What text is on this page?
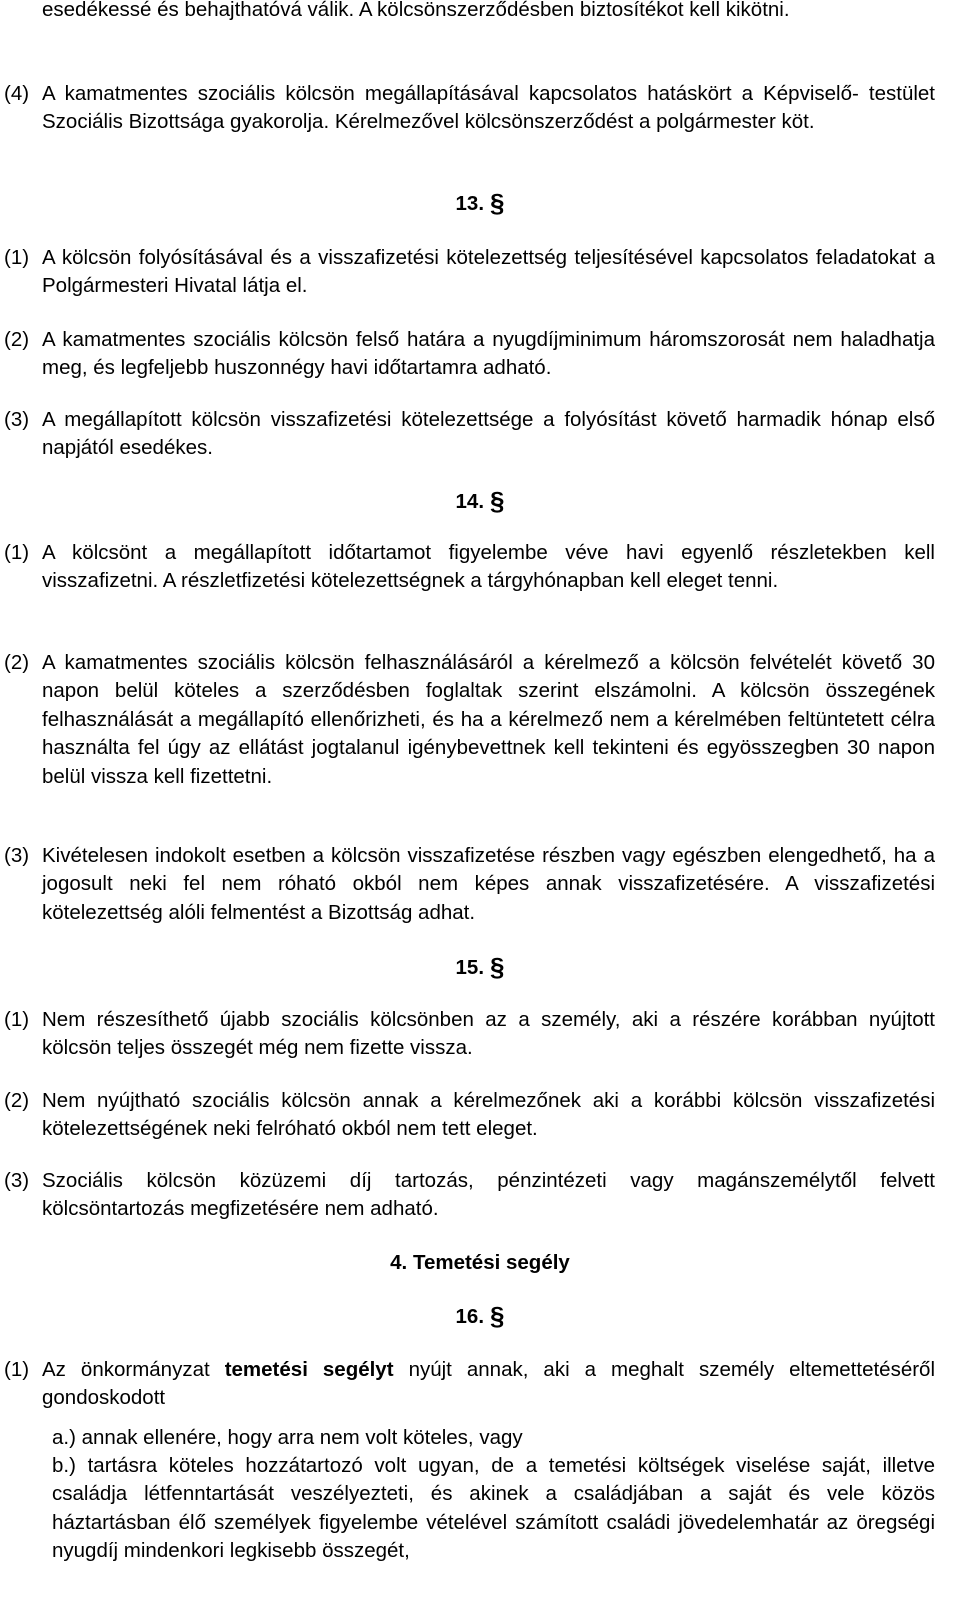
esedékessé és behajthatóvá válik. A kölcsönszerződésben biztosítékot kell kikötni.

(4) A kamatmentes szociális kölcsön megállapításával kapcsolatos hatáskört a Képviselő- testület Szociális Bizottsága gyakorolja. Kérelmezővel kölcsönszerződést a polgármester köt.

13. §

(1) A kölcsön folyósításával és a visszafizetési kötelezettség teljesítésével kapcsolatos feladatokat a Polgármesteri Hivatal látja el.

(2) A kamatmentes szociális kölcsön felső határa a nyugdíjminimum háromszorosát nem haladhatja meg, és legfeljebb huszonnégy havi időtartamra adható.

(3) A megállapított kölcsön visszafizetési kötelezettsége a folyósítást követő harmadik hónap első napjától esedékes.

14. §

(1) A kölcsönt a megállapított időtartamot figyelembe véve havi egyenlő részletekben kell visszafizetni. A részletfizetési kötelezettségnek a tárgyhónapban kell eleget tenni.

(2) A kamatmentes szociális kölcsön felhasználásáról a kérelmező a kölcsön felvételét követő 30 napon belül köteles a szerződésben foglaltak szerint elszámolni. A kölcsön összegének felhasználását a megállapító ellenőrizheti, és ha a kérelmező nem a kérelmében feltüntetett célra használta fel úgy az ellátást jogtalanul igénybevettnek kell tekinteni és egyösszegben 30 napon belül vissza kell fizettetni.

(3) Kivételesen indokolt esetben a kölcsön visszafizetése részben vagy egészben elengedhető, ha a jogosult neki fel nem róható okból nem képes annak visszafizetésére. A visszafizetési kötelezettség alóli felmentést a Bizottság adhat.

15. §

(1) Nem részesíthető újabb szociális kölcsönben az a személy, aki a részére korábban nyújtott kölcsön teljes összegét még nem fizette vissza.

(2) Nem nyújtható szociális kölcsön annak a kérelmezőnek aki a korábbi kölcsön visszafizetési kötelezettségének neki felróható okból nem tett eleget.

(3) Szociális kölcsön közüzemi díj tartozás, pénzintézeti vagy magánszemélytől felvett kölcsöntartozás megfizetésére nem adható.

4. Temetési segély

16. §

(1) Az önkormányzat temetési segélyt nyújt annak, aki a meghalt személy eltemettetéséről gondoskodott

a.) annak ellenére, hogy arra nem volt köteles, vagy

b.) tartásra köteles hozzátartozó volt ugyan, de a temetési költségek viselése saját, illetve családja létfenntartását veszélyezteti, és akinek a családjában a saját és vele közös háztartásban élő személyek figyelembe vételével számított családi jövedelemhatár az öregségi nyugdíj mindenkori legkisebb összegét,
